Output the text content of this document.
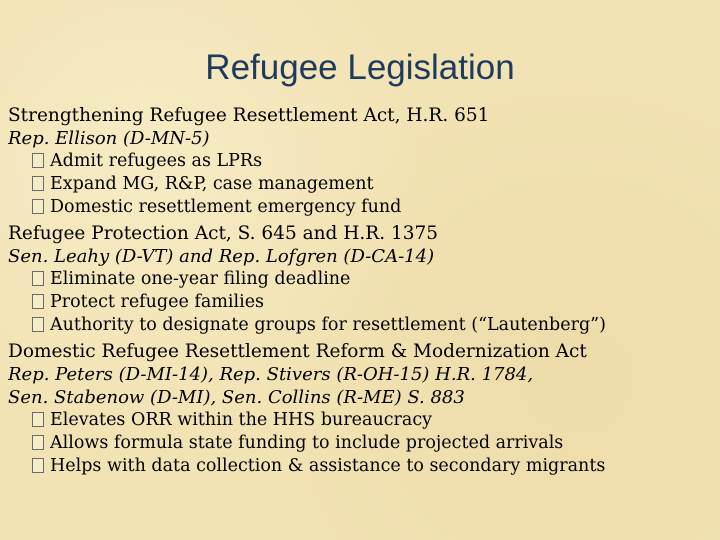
Refugee Legislation
Strengthening Refugee Resettlement Act, H.R. 651
Rep. Ellison (D-MN-5)
Admit refugees as LPRs
Expand MG, R&P, case management
Domestic resettlement emergency fund
Refugee Protection Act, S. 645 and H.R. 1375
Sen. Leahy (D-VT) and Rep. Lofgren (D-CA-14)
Eliminate one-year filing deadline
Protect refugee families
Authority to designate groups for resettlement (“Lautenberg”)
Domestic Refugee Resettlement Reform & Modernization Act
Rep. Peters (D-MI-14), Rep. Stivers (R-OH-15) H.R. 1784,
Sen. Stabenow (D-MI), Sen. Collins (R-ME) S. 883
Elevates ORR within the HHS bureaucracy
Allows formula state funding to include projected arrivals
Helps with data collection & assistance to secondary migrants
